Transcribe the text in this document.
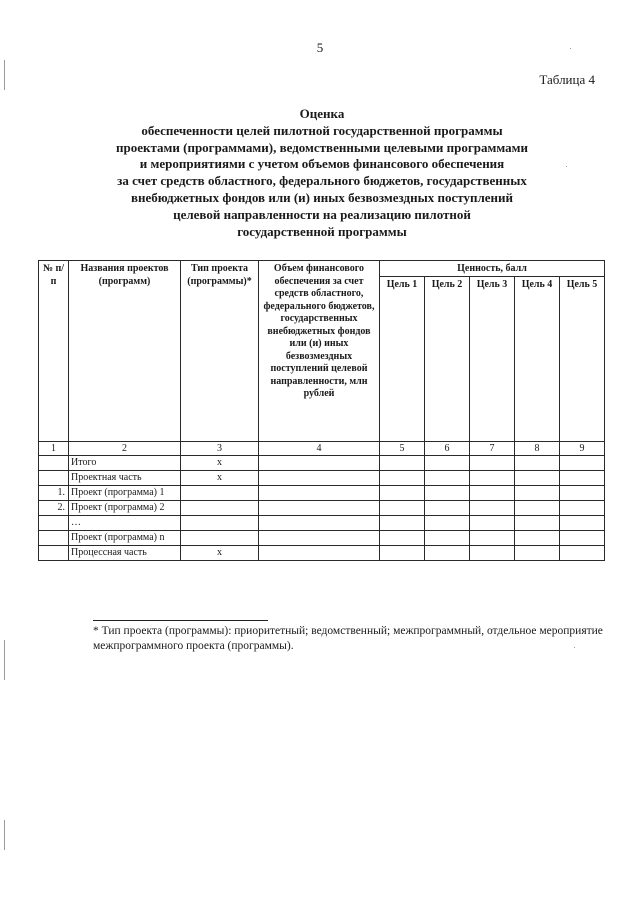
5
Таблица 4
Оценка
обеспеченности целей пилотной государственной программы
проектами (программами), ведомственными целевыми программами
и мероприятиями с учетом объемов финансового обеспечения
за счет средств областного, федерального бюджетов, государственных
внебюджетных фондов или (и) иных безвозмездных поступлений
целевой направленности на реализацию пилотной
государственной программы
№ п/п	Названия проектов (программ)	Тип проекта (программы)*	Объем финансового обеспечения за счет средств областного, федерального бюджетов, государственных внебюджетных фондов или (и) иных безвозмездных поступлений целевой направленности, млн рублей	Ценность, балл				
				Цель 1	Цель 2	Цель 3	Цель 4	Цель 5
1	2	3	4	5	6	7	8	9
	Итого	x						
	Проектная часть	x						
1.	Проект (программа) 1							
2.	Проект (программа) 2							
	…							
	Проект (программа) n							
	Процессная часть	x						
* Тип проекта (программы): приоритетный; ведомственный; межпрограммный, отдельное мероприятие межпрограммного проекта (программы).
